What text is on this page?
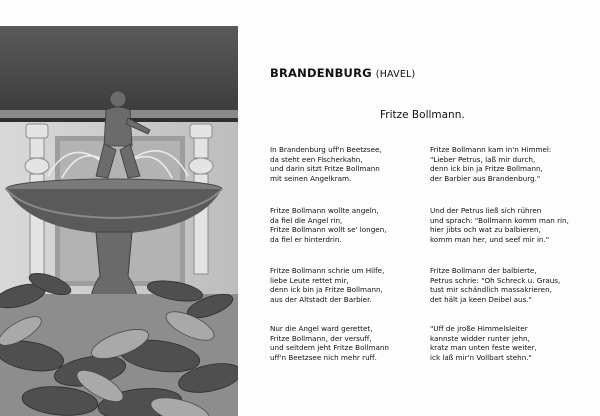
BRANDENBURG (HAVEL)
Fritze Bollmann.
In Brandenburg uff'n Beetzsee,
da steht een Fischerkahn,
und darin sitzt Fritze Bollmann
mit seinen Angelkram.
Fritze Bollmann kam in'n Himmel:
"Lieber Petrus, laß mir durch,
denn ick bin ja Fritze Bollmann,
der Barbier aus Brandenburg."
Fritze Bollmann wollte angeln,
da fiel die Angel rin,
Fritze Bollmann wollt se' longen,
da fiel er hinterdrin.
Und der Petrus ließ sich rühren
und sprach: "Bollmann komm man rin,
hier jibts och wat zu balbieren,
komm man her, und seef mir in."
Fritze Bollmann schrie um Hilfe,
liebe Leute rettet mir,
denn ick bin ja Fritze Bollmann,
aus der Altstadt der Barbier.
Fritze Bollmann der balbierte,
Petrus schrie: "Oh Schreck u. Graus,
tust mir schändlich massakrieren,
det hält ja keen Deibel aus."
Nur die Angel ward gerettet,
Fritze Bollmann, der versuff,
und seitdem jeht Fritze Bollmann
uff'n Beetzsee nich mehr ruff.
"Uff de jroße Himmelsleiter
kannste widder runter jehn,
kratz man unten feste weiter,
ick laß mir'n Vollbart stehn."
